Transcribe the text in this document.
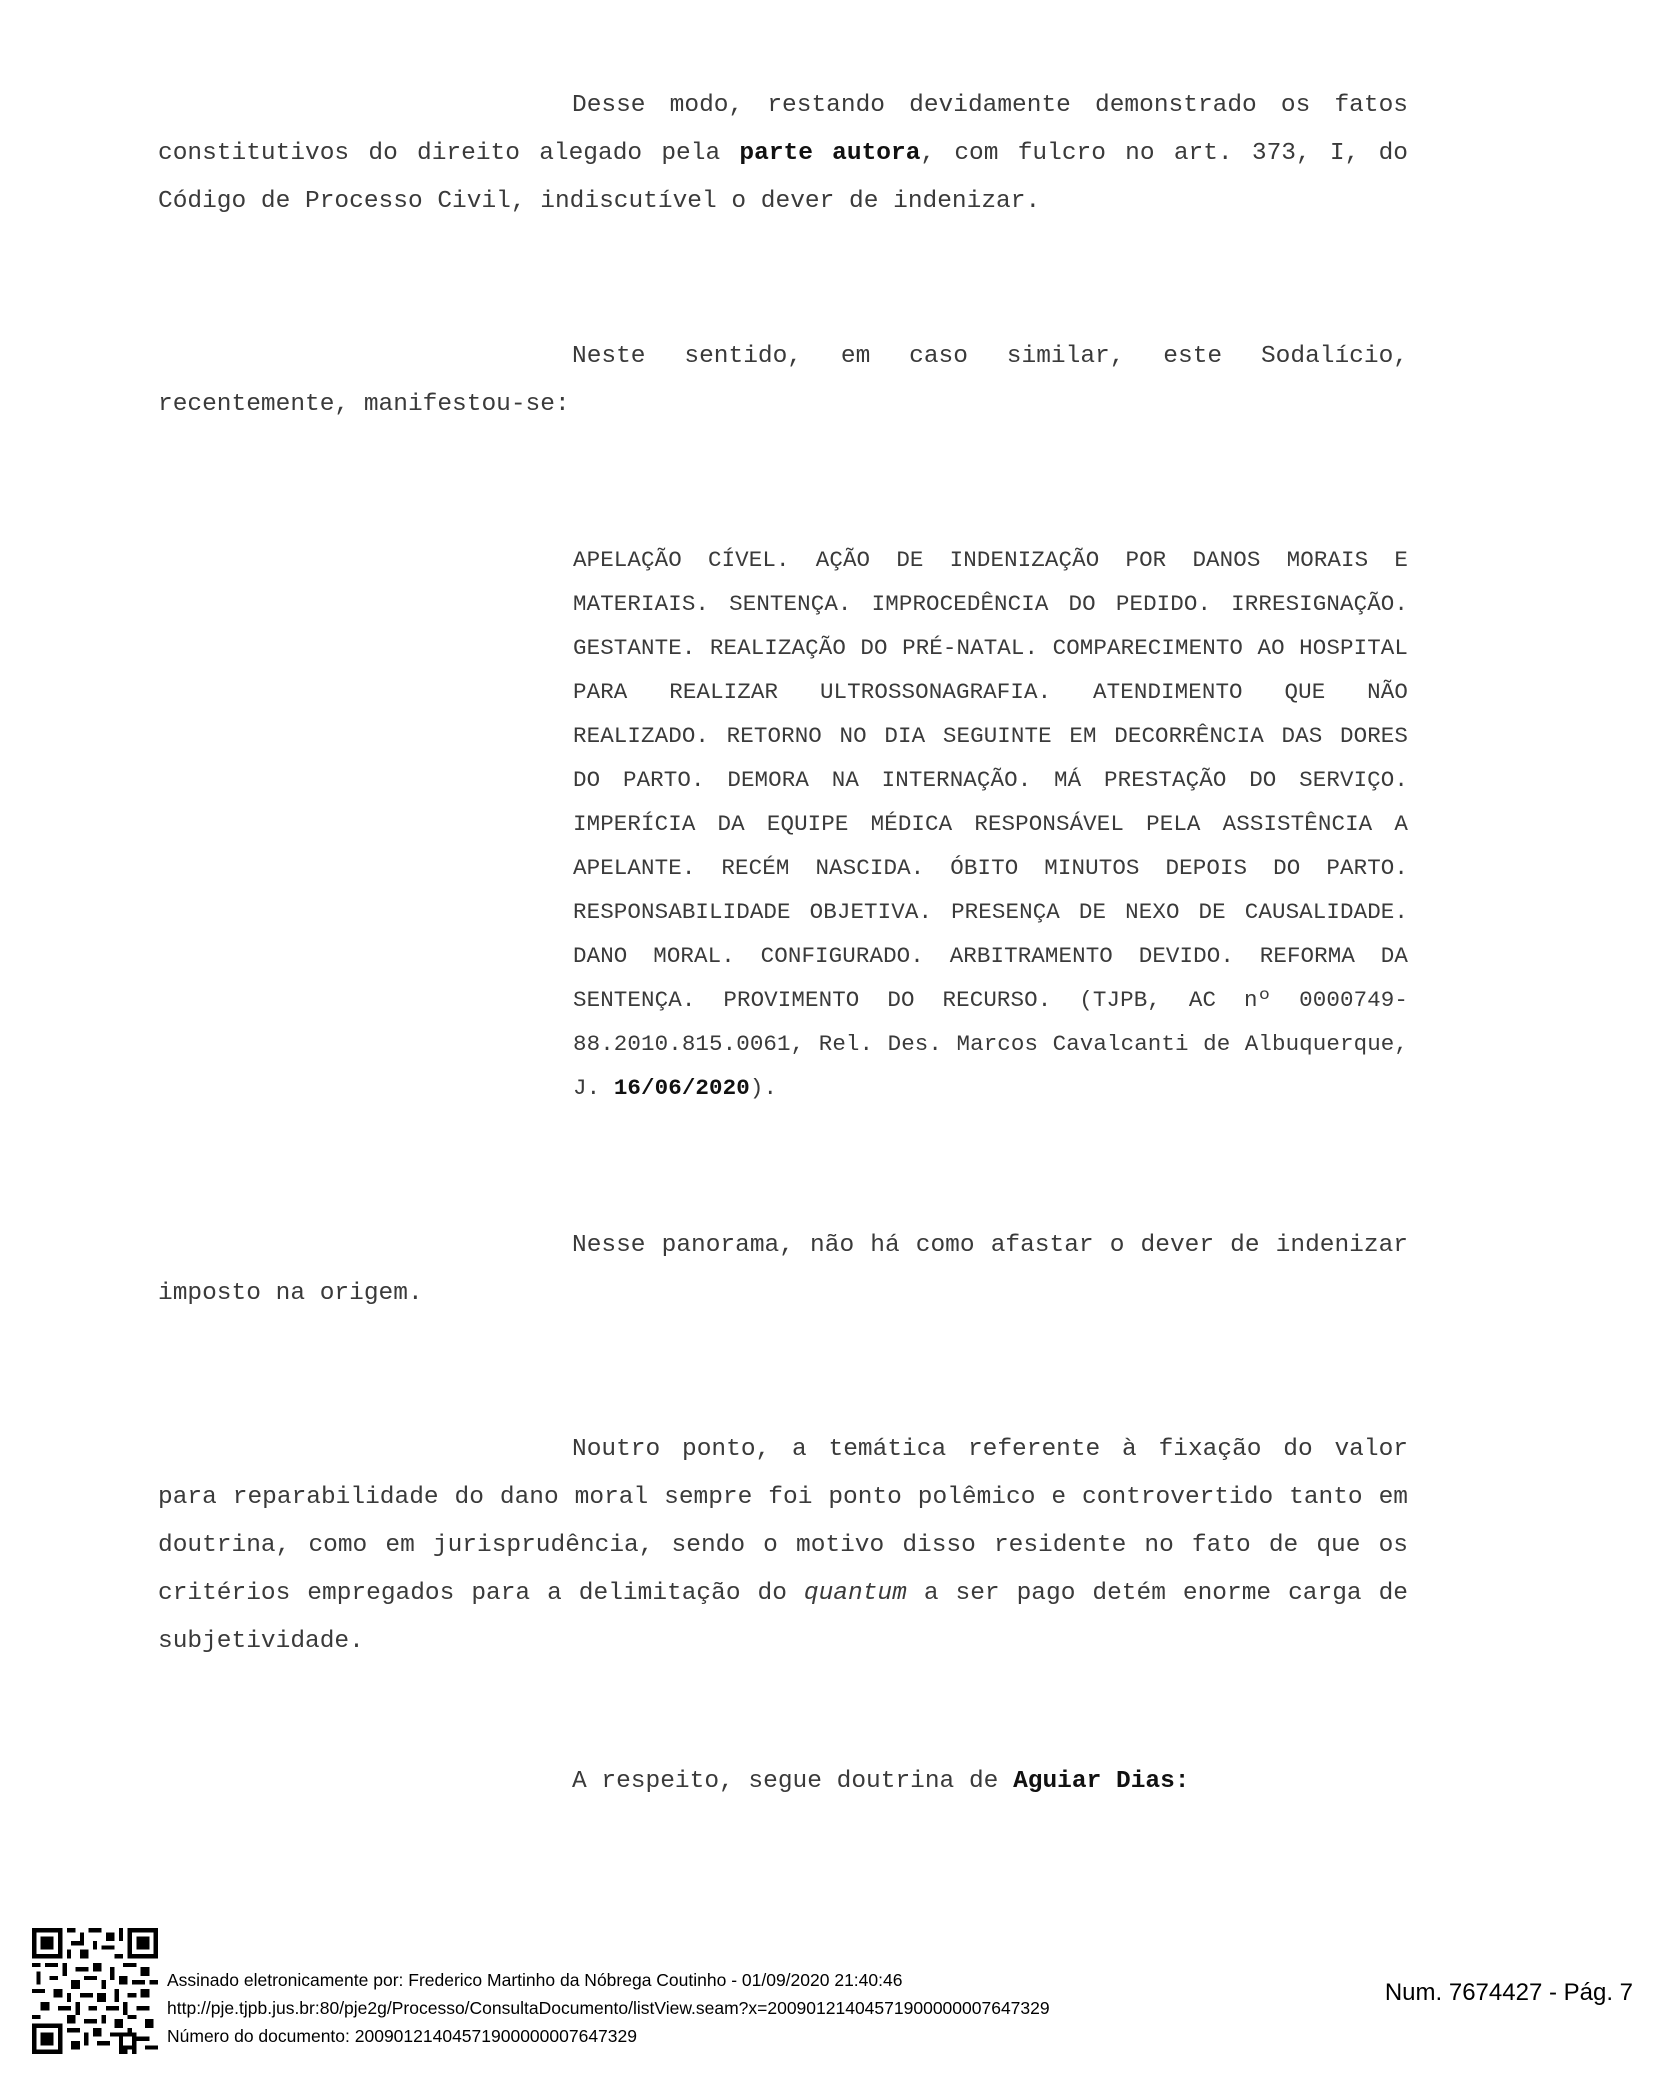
Desse modo, restando devidamente demonstrado os fatos constitutivos do direito alegado pela parte autora, com fulcro no art. 373, I, do Código de Processo Civil, indiscutível o dever de indenizar.

Neste sentido, em caso similar, este Sodalício, recentemente, manifestou-se:

APELAÇÃO CÍVEL. AÇÃO DE INDENIZAÇÃO POR DANOS MORAIS E MATERIAIS. SENTENÇA. IMPROCEDÊNCIA DO PEDIDO. IRRESIGNAÇÃO. GESTANTE. REALIZAÇÃO DO PRÉ-NATAL. COMPARECIMENTO AO HOSPITAL PARA REALIZAR ULTROSSONAGRAFIA. ATENDIMENTO QUE NÃO REALIZADO. RETORNO NO DIA SEGUINTE EM DECORRÊNCIA DAS DORES DO PARTO. DEMORA NA INTERNAÇÃO. MÁ PRESTAÇÃO DO SERVIÇO. IMPERÍCIA DA EQUIPE MÉDICA RESPONSÁVEL PELA ASSISTÊNCIA A APELANTE. RECÉM NASCIDA. ÓBITO MINUTOS DEPOIS DO PARTO. RESPONSABILIDADE OBJETIVA. PRESENÇA DE NEXO DE CAUSALIDADE. DANO MORAL. CONFIGURADO. ARBITRAMENTO DEVIDO. REFORMA DA SENTENÇA. PROVIMENTO DO RECURSO. (TJPB, AC nº 0000749-88.2010.815.0061, Rel. Des. Marcos Cavalcanti de Albuquerque, J. 16/06/2020).

Nesse panorama, não há como afastar o dever de indenizar imposto na origem.

Noutro ponto, a temática referente à fixação do valor para reparabilidade do dano moral sempre foi ponto polêmico e controvertido tanto em doutrina, como em jurisprudência, sendo o motivo disso residente no fato de que os critérios empregados para a delimitação do quantum a ser pago detém enorme carga de subjetividade.

A respeito, segue doutrina de Aguiar Dias:

Assinado eletronicamente por: Frederico Martinho da Nóbrega Coutinho - 01/09/2020 21:40:46
http://pje.tjpb.jus.br:80/pje2g/Processo/ConsultaDocumento/listView.seam?x=20090121404571900000007647329
Número do documento: 20090121404571900000007647329
Num. 7674427 - Pág. 7
